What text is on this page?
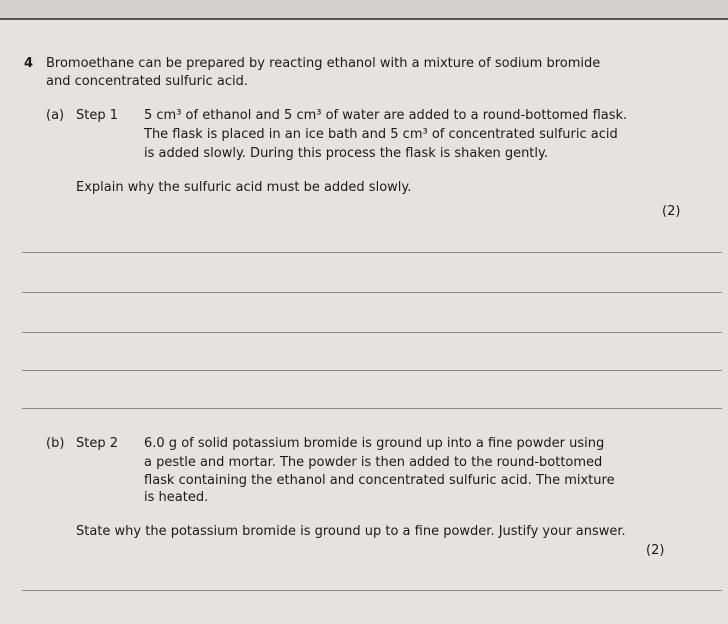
4 Bromoethane can be prepared by reacting ethanol with a mixture of sodium bromide
and concentrated sulfuric acid.
(a) Step 1 5 cm³ of ethanol and 5 cm³ of water are added to a round-bottomed flask.
The flask is placed in an ice bath and 5 cm³ of concentrated sulfuric acid
is added slowly. During this process the flask is shaken gently.
Explain why the sulfuric acid must be added slowly.
(2)
(b) Step 2 6.0 g of solid potassium bromide is ground up into a fine powder using
a pestle and mortar. The powder is then added to the round-bottomed
flask containing the ethanol and concentrated sulfuric acid. The mixture
is heated.
State why the potassium bromide is ground up to a fine powder. Justify your answer.
(2)
